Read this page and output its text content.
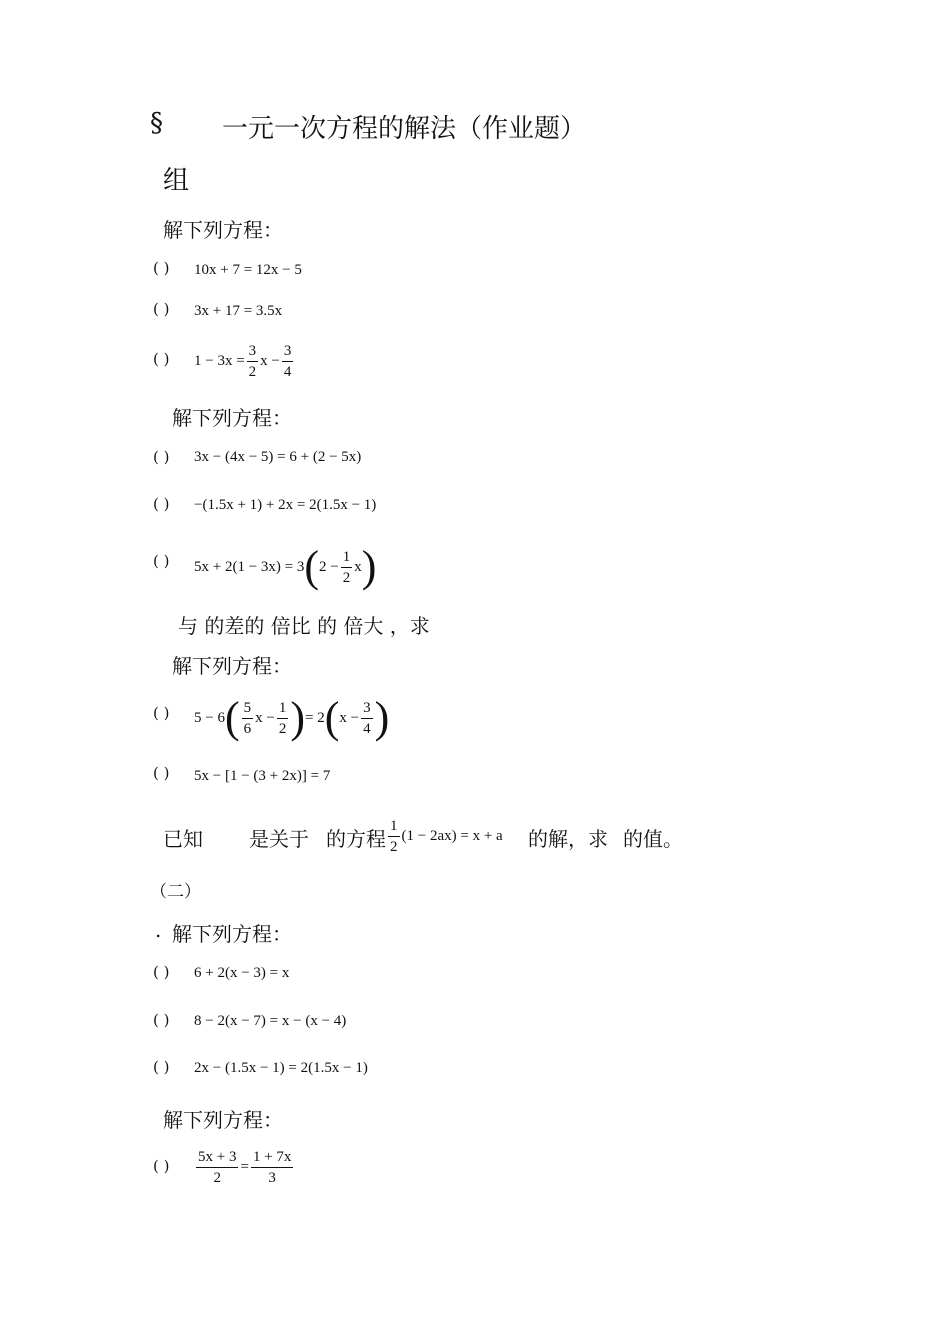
§ 一元一次方程的解法（作业题）
组
解下列方程：
( ) 10x + 7 = 12x − 5
( ) 3x + 17 = 3.5x
( ) $1 - 3x = \frac{3}{2}$ $x - \frac{3}{4}$
解下列方程：
( ) 3x − (4x − 5) = 6 + (2 − 5x)
( ) −(1.5x + 1) + 2x = 2(1.5x − 1)
( ) 5x + 2(1 − 3x) = 3 ( $2 - \frac{1}{2}$ x )
与 的差的 倍比 的 倍大 ，求
解下列方程：
( ) 5 − 6 ( $\frac{5}{6}$ $x - \frac{1}{2}$ ) = 2 ( $x - \frac{3}{4}$ )
( ) 5x − [1 − (3 + 2x)] = 7
已知 是关于 的方程 $\frac{1}{2} (1 - 2ax) = x + a$ 的解，求 的值。
（二）
. 解下列方程：
( ) 6 + 2(x − 3) = x
( ) 8 − 2(x − 7) = x − (x − 4)
( ) 2x − (1.5x − 1) = 2(1.5x − 1)
解下列方程：
( ) $\frac{5x + 3}{2} = \frac{1 + 7x}{3}$
